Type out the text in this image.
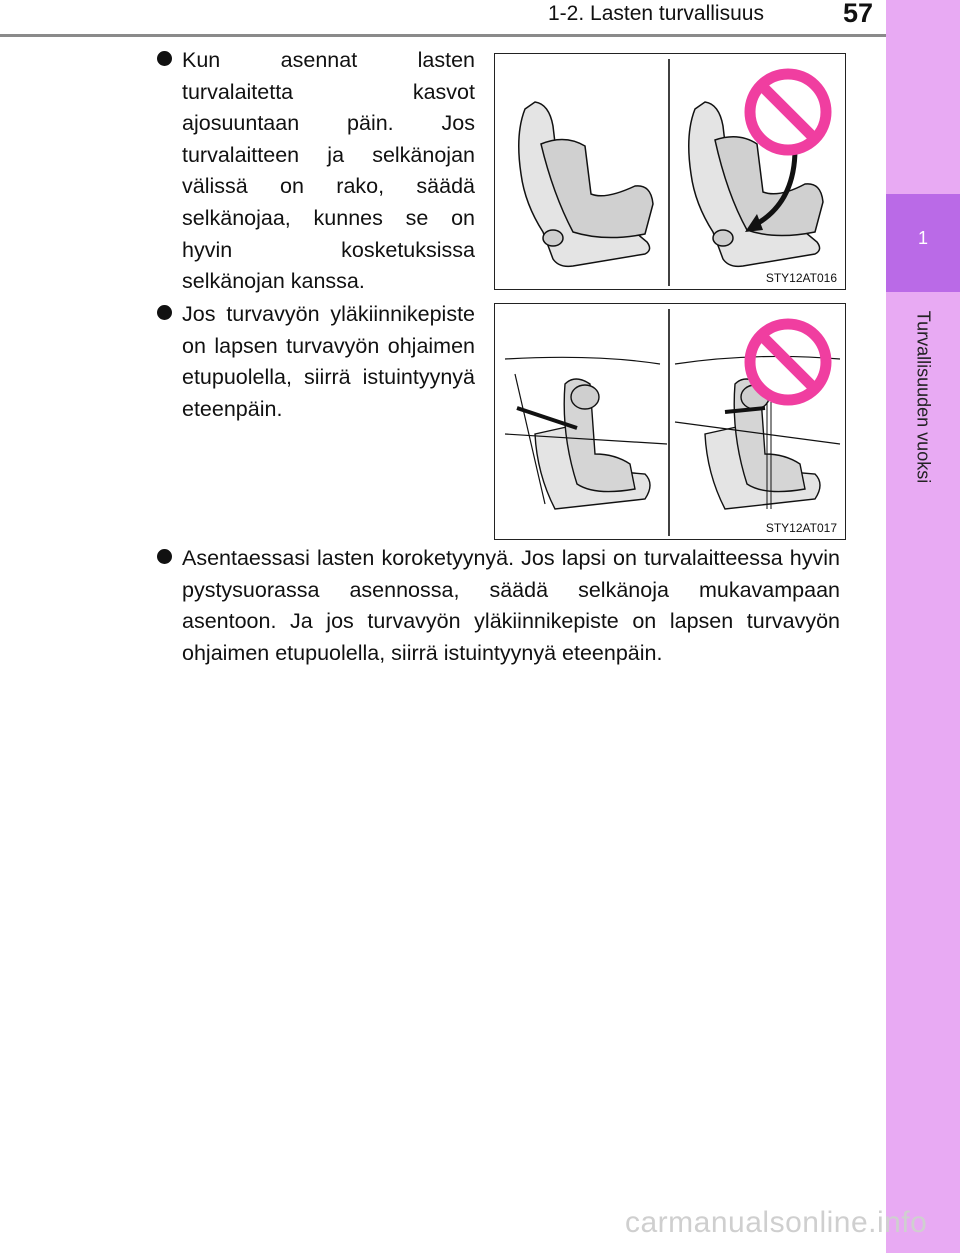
1-2. Lasten turvallisuus	57
1
Turvallisuuden vuoksi
Kun asennat lasten turvalaitetta kasvot ajosuuntaan päin. Jos turvalaitteen ja selkänojan välissä on rako, säädä selkänojaa, kunnes se on hyvin kosketuksissa selkänojan kanssa.	STY12AT016
Jos turvavyön yläkiinnikepiste on lapsen turvavyön ohjaimen etupuolella, siirrä istuintyynyä eteenpäin.
STY12AT017
Asentaessasi lasten koroketyynyä. Jos lapsi on turvalaitteessa hyvin pystysuorassa asennossa, säädä selkänoja mukavampaan asentoon. Ja jos turvavyön yläkiinnikepiste on lapsen turvavyön ohjaimen etupuolella, siirrä istuintyynyä eteenpäin.
carmanualsonline.info
